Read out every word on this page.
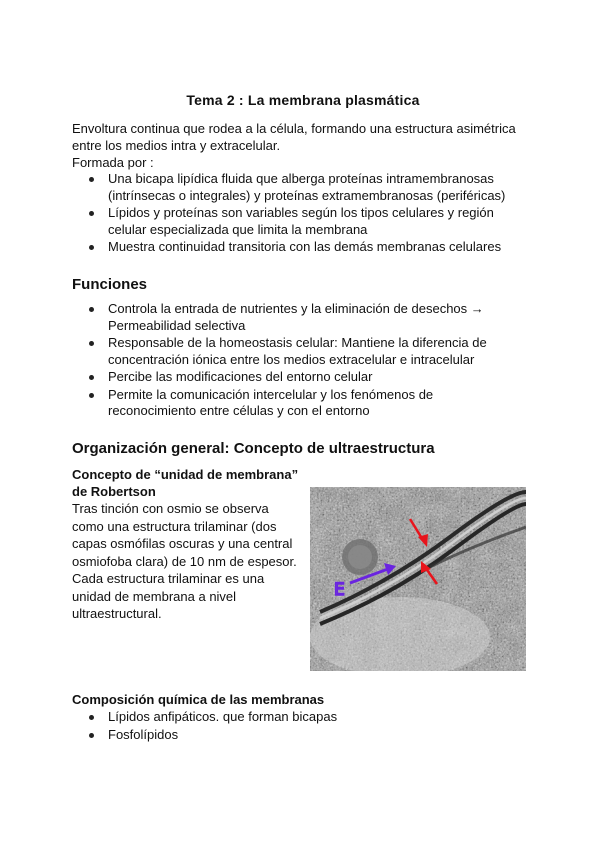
Tema 2 : La membrana plasmática

Envoltura continua que rodea a la célula, formando una estructura asimétrica

entre los medios intra y extracelular.

Formada por :

Una bicapa lipídica fluida que alberga proteínas intramembranosas
(intrínsecas o integrales) y proteínas extramembranosas (periféricas)
Lípidos y proteínas son variables según los tipos celulares y región
celular especializada que limita la membrana
Muestra continuidad transitoria con las demás membranas celulares
Funciones
Controla la entrada de nutrientes y la eliminación de desechos →
Permeabilidad selectiva
Responsable de la homeostasis celular: Mantiene la diferencia de
concentración iónica entre los medios extracelular e intracelular
Percibe las modificaciones del entorno celular
Permite la comunicación intercelular y los fenómenos de
reconocimiento entre células y con el entorno
Organización general: Concepto de ultraestructura
Concepto de “unidad de membrana”
de Robertson
Tras tinción con osmio se observa
como una estructura trilaminar (dos
capas osmófilas oscuras y una central
osmiofoba clara) de 10 nm de espesor.
Cada estructura trilaminar es una
unidad de membrana a nivel
ultraestructural.
E
Composición química de las membranas
Lípidos anfipáticos. que forman bicapas
Fosfolípidos
